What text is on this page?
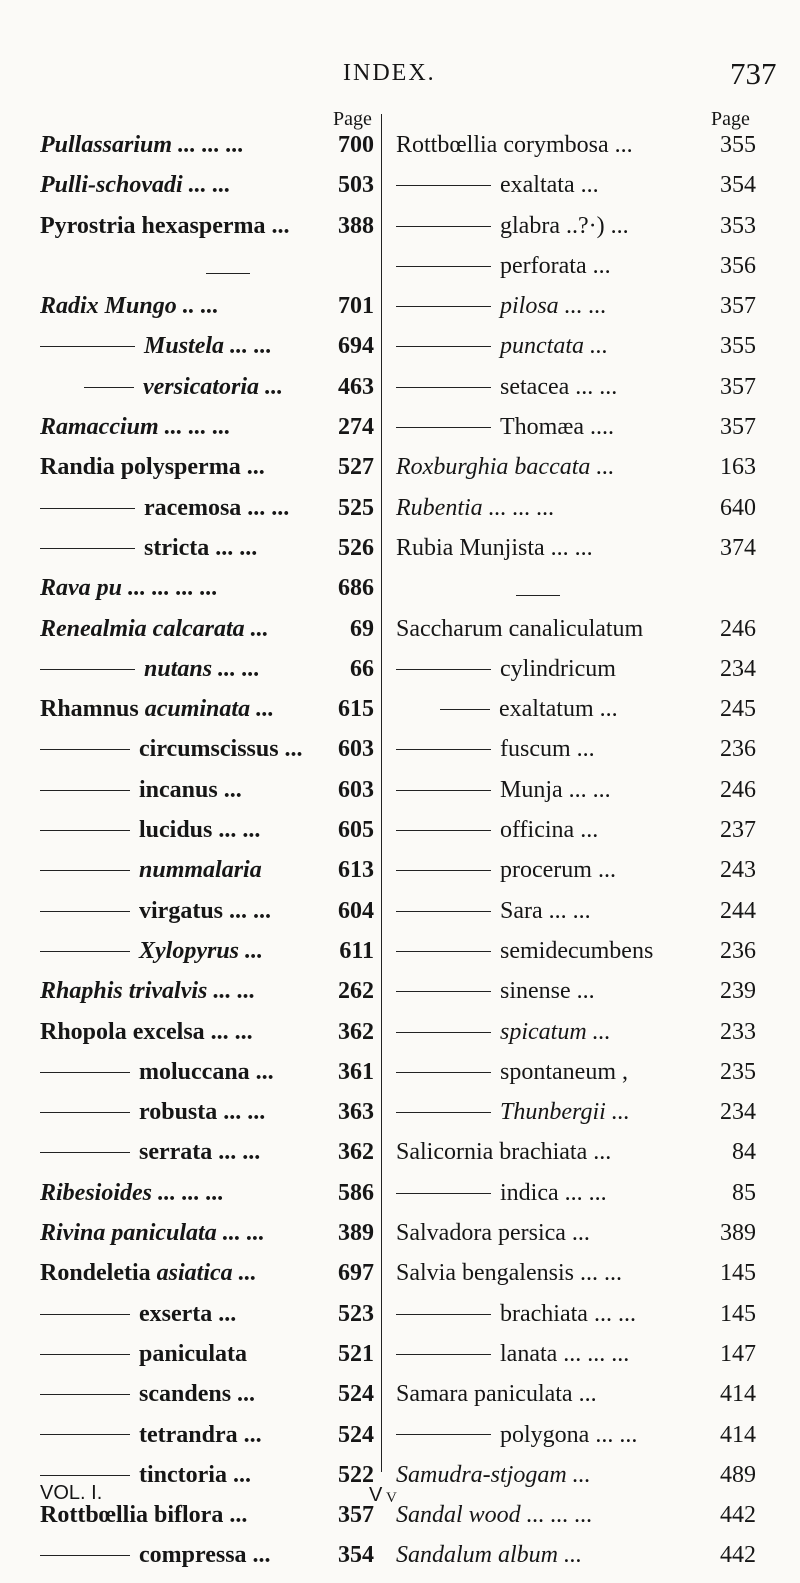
INDEX.	737
Page	Page
Pullassarium ... ... ...	700
Pulli-schovadi ... ...	503
Pyrostria hexasperma ... 388
Radix Mungo .. ...	701
Mustela ... ...	694
versicatoria ... 463
Ramaccium ... ... ...	274
Randia polysperma ...	527
racemosa ... ... 525
stricta ... ...	526
Rava pu ... ... ... ...	686
Renealmia calcarata ...	69
nutans ... ...	66
Rhamnus acuminata ...	615
circumscissus ... 603
incanus ...	603
lucidus ... ...	605
nummalaria	613
virgatus ... ...	604
Xylopyrus ...	611
Rhaphis trivalvis ... ...	262
Rhopola excelsa ... ...	362
moluccana ...	361
robusta ... ...	363
serrata ... ...	362
Ribesioides ... ... ...	586
Rivina paniculata ... ...	389
Rondeletia asiatica ...	697
exserta ...	523
paniculata	521
scandens ...	524
tetrandra ...	524
tinctoria ...	522
Rottbœllia biflora ...	357
compressa ...	354
Rottbœllia corymbosa ...	355
exaltata ...	354
glabra ..?·) ...	353
perforata ...	356
pilosa ... ...	357
punctata ...	355
setacea ... ...	357
Thomæa ....	357
Roxburghia baccata ...	163
Rubentia ... ... ...	640
Rubia Munjista ... ...	374
Saccharum canaliculatum	246
cylindricum	234
exaltatum ...	245
fuscum ...	236
Munja ... ...	246
officina ...	237
procerum ...	243
Sara ... ...	244
semidecumbens	236
sinense ...	239
spicatum ...	233
spontaneum ,	235
Thunbergii ...	234
Salicornia brachiata ...	84
indica ... ...	85
Salvadora persica ...	389
Salvia bengalensis ... ...	145
brachiata ... ...	145
lanata ... ... ...	147
Samara paniculata ...	414
polygona ... ...	414
Samudra-stjogam ...	489
Sandal wood ... ... ...	442
Sandalum album ...	442
VOL. I.	V V
